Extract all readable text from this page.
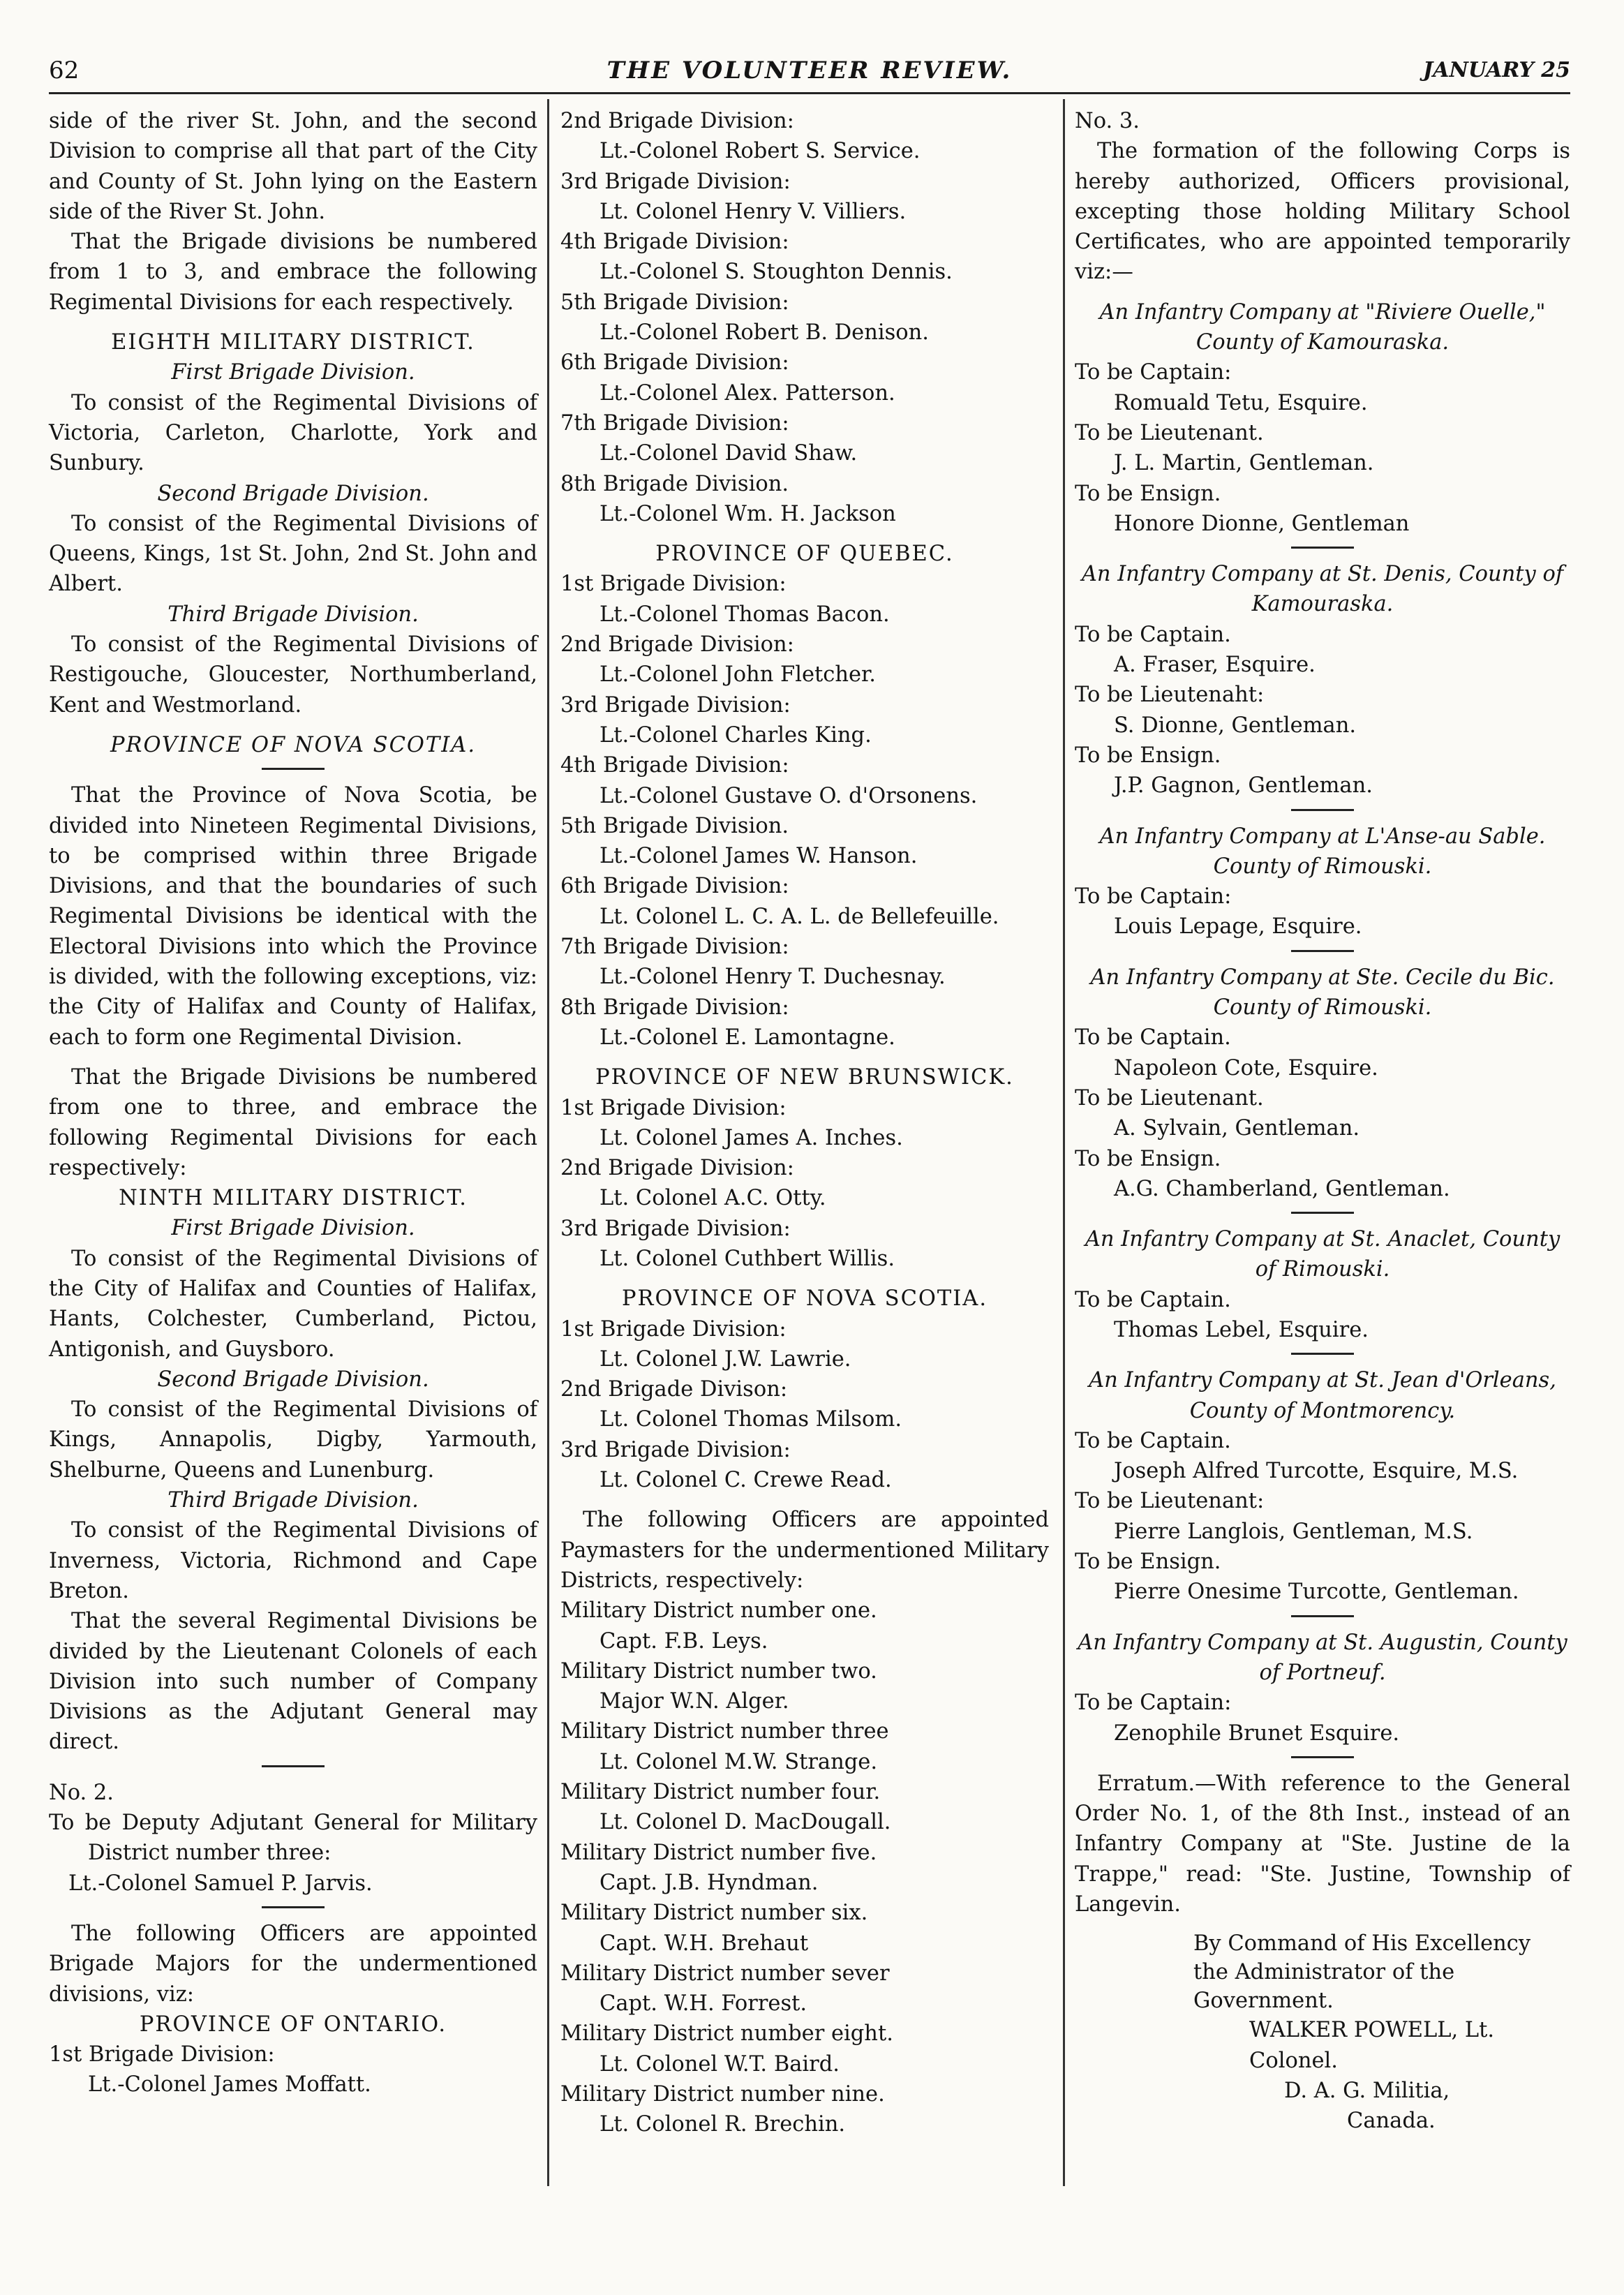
62	THE VOLUNTEER REVIEW.	JANUARY 25

side of the river St. John, and the second Division to comprise all that part of the City and County of St. John lying on the Eastern side of the River St. John.

That the Brigade divisions be numbered from 1 to 3, and embrace the following Regimental Divisions for each respectively.

EIGHTH MILITARY DISTRICT.

First Brigade Division.

To consist of the Regimental Divisions of Victoria, Carleton, Charlotte, York and Sunbury.

Second Brigade Division.

To consist of the Regimental Divisions of Queens, Kings, 1st St. John, 2nd St. John and Albert.

Third Brigade Division.

To consist of the Regimental Divisions of Restigouche, Gloucester, Northumberland, Kent and Westmorland.

PROVINCE OF NOVA SCOTIA.

That the Province of Nova Scotia, be divided into Nineteen Regimental Divisions, to be comprised within three Brigade Divisions, and that the boundaries of such Regimental Divisions be identical with the Electoral Divisions into which the Province is divided, with the following exceptions, viz: the City of Halifax and County of Halifax, each to form one Regimental Division.

That the Brigade Divisions be numbered from one to three, and embrace the following Regimental Divisions for each respectively:

NINTH MILITARY DISTRICT.

First Brigade Division.

To consist of the Regimental Divisions of the City of Halifax and Counties of Halifax, Hants, Colchester, Cumberland, Pictou, Antigonish, and Guysboro.

Second Brigade Division.

To consist of the Regimental Divisions of Kings, Annapolis, Digby, Yarmouth, Shelburne, Queens and Lunenburg.

Third Brigade Division.

To consist of the Regimental Divisions of Inverness, Victoria, Richmond and Cape Breton.

That the several Regimental Divisions be divided by the Lieutenant Colonels of each Division into such number of Company Divisions as the Adjutant General may direct.

No. 2.

To be Deputy Adjutant General for Military District number three:

Lt.-Colonel Samuel P. Jarvis.

The following Officers are appointed Brigade Majors for the undermentioned divisions, viz:

PROVINCE OF ONTARIO.

1st Brigade Division:

Lt.-Colonel James Moffatt.

2nd Brigade Division:

Lt.-Colonel Robert S. Service.

3rd Brigade Division:

Lt. Colonel Henry V. Villiers.

4th Brigade Division:

Lt.-Colonel S. Stoughton Dennis.

5th Brigade Division:

Lt.-Colonel Robert B. Denison.

6th Brigade Division:

Lt.-Colonel Alex. Patterson.

7th Brigade Division:

Lt.-Colonel David Shaw.

8th Brigade Division.

Lt.-Colonel Wm. H. Jackson

PROVINCE OF QUEBEC.

1st Brigade Division:

Lt.-Colonel Thomas Bacon.

2nd Brigade Division:

Lt.-Colonel John Fletcher.

3rd Brigade Division:

Lt.-Colonel Charles King.

4th Brigade Division:

Lt.-Colonel Gustave O. d'Orsonens.

5th Brigade Division.

Lt.-Colonel James W. Hanson.

6th Brigade Division:

Lt. Colonel L. C. A. L. de Bellefeuille.

7th Brigade Division:

Lt.-Colonel Henry T. Duchesnay.

8th Brigade Division:

Lt.-Colonel E. Lamontagne.

PROVINCE OF NEW BRUNSWICK.

1st Brigade Division:

Lt. Colonel James A. Inches.

2nd Brigade Division:

Lt. Colonel A.C. Otty.

3rd Brigade Division:

Lt. Colonel Cuthbert Willis.

PROVINCE OF NOVA SCOTIA.

1st Brigade Division:

Lt. Colonel J.W. Lawrie.

2nd Brigade Divison:

Lt. Colonel Thomas Milsom.

3rd Brigade Division:

Lt. Colonel C. Crewe Read.

The following Officers are appointed Paymasters for the undermentioned Military Districts, respectively:

Military District number one.

Capt. F.B. Leys.

Military District number two.

Major W.N. Alger.

Military District number three

Lt. Colonel M.W. Strange.

Military District number four.

Lt. Colonel D. MacDougall.

Military District number five.

Capt. J.B. Hyndman.

Military District number six.

Capt. W.H. Brehaut

Military District number sever

Capt. W.H. Forrest.

Military District number eight.

Lt. Colonel W.T. Baird.

Military District number nine.

Lt. Colonel R. Brechin.

No. 3.

The formation of the following Corps is hereby authorized, Officers provisional, excepting those holding Military School Certificates, who are appointed temporarily viz:—

An Infantry Company at "Riviere Ouelle," County of Kamouraska.

To be Captain:

Romuald Tetu, Esquire.

To be Lieutenant.

J. L. Martin, Gentleman.

To be Ensign.

Honore Dionne, Gentleman

An Infantry Company at St. Denis, County of Kamouraska.

To be Captain.

A. Fraser, Esquire.

To be Lieutenaht:

S. Dionne, Gentleman.

To be Ensign.

J.P. Gagnon, Gentleman.

An Infantry Company at L'Anse-au Sable. County of Rimouski.

To be Captain:

Louis Lepage, Esquire.

An Infantry Company at Ste. Cecile du Bic. County of Rimouski.

To be Captain.

Napoleon Cote, Esquire.

To be Lieutenant.

A. Sylvain, Gentleman.

To be Ensign.

A.G. Chamberland, Gentleman.

An Infantry Company at St. Anaclet, County of Rimouski.

To be Captain.

Thomas Lebel, Esquire.

An Infantry Company at St. Jean d'Orleans, County of Montmorency.

To be Captain.

Joseph Alfred Turcotte, Esquire, M.S.

To be Lieutenant:

Pierre Langlois, Gentleman, M.S.

To be Ensign.

Pierre Onesime Turcotte, Gentleman.

An Infantry Company at St. Augustin, County of Portneuf.

To be Captain:

Zenophile Brunet Esquire.

Erratum.—With reference to the General Order No. 1, of the 8th Inst., instead of an Infantry Company at "Ste. Justine de la Trappe," read: "Ste. Justine, Township of Langevin.

By Command of His Excellency the Administrator of the Government.

WALKER POWELL, Lt. Colonel.

D. A. G. Militia,

Canada.
